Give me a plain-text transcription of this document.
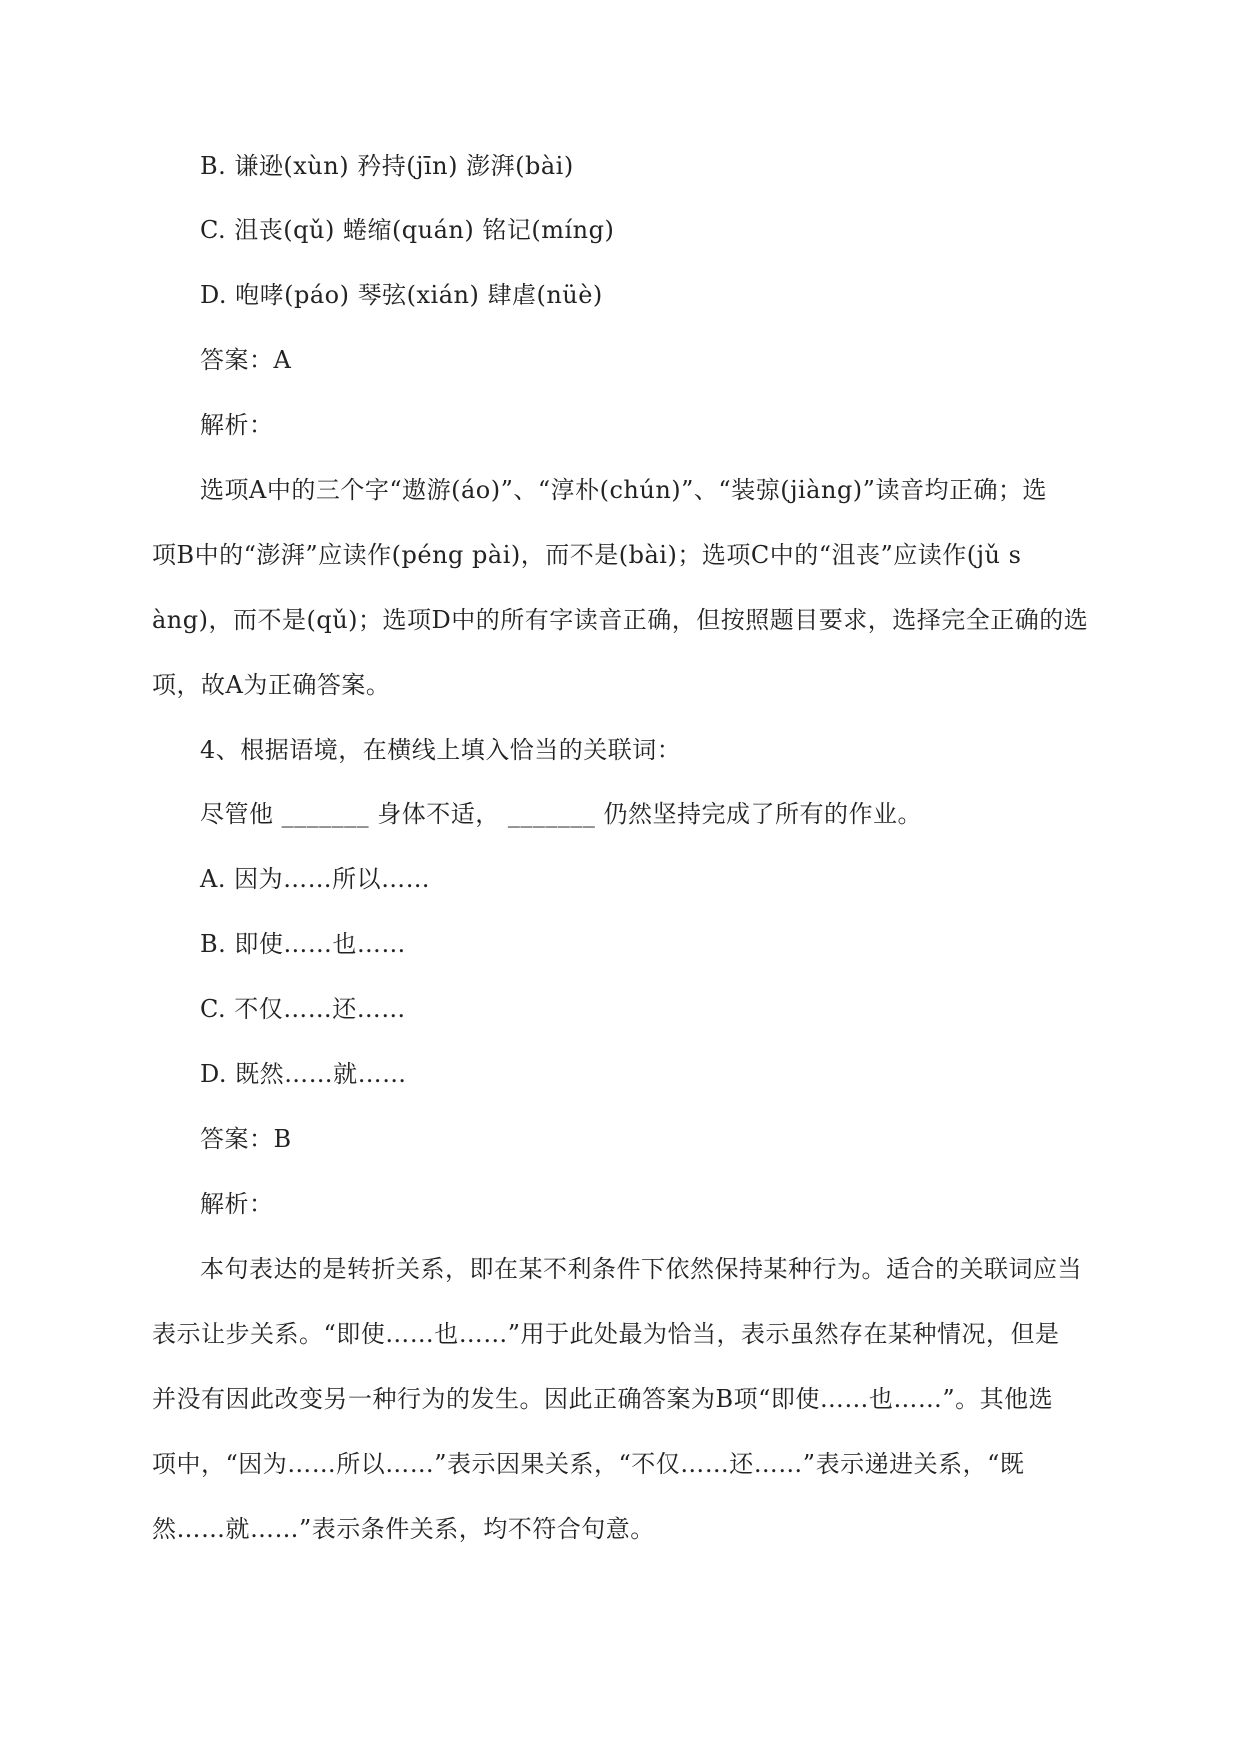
B. 谦逊(xùn) 矜持(jīn) 澎湃(bài)
C. 沮丧(qǔ) 蜷缩(quán) 铭记(míng)
D. 咆哮(páo) 琴弦(xián) 肆虐(nüè)
答案：A
解析：
选项A中的三个字“遨游(áo)”、“淳朴(chún)”、“装弶(jiàng)”读音均正确；选
项B中的“澎湃”应读作(péng pài)，而不是(bài)；选项C中的“沮丧”应读作(jǔ s
àng)，而不是(qǔ)；选项D中的所有字读音正确，但按照题目要求，选择完全正确的选
项，故A为正确答案。
4、根据语境，在横线上填入恰当的关联词：
尽管他 _______ 身体不适， _______ 仍然坚持完成了所有的作业。
A. 因为……所以……
B. 即使……也……
C. 不仅……还……
D. 既然……就……
答案：B
解析：
本句表达的是转折关系，即在某不利条件下依然保持某种行为。适合的关联词应当
表示让步关系。“即使……也……”用于此处最为恰当，表示虽然存在某种情况，但是
并没有因此改变另一种行为的发生。因此正确答案为B项“即使……也……”。其他选
项中，“因为……所以……”表示因果关系，“不仅……还……”表示递进关系，“既
然……就……”表示条件关系，均不符合句意。
